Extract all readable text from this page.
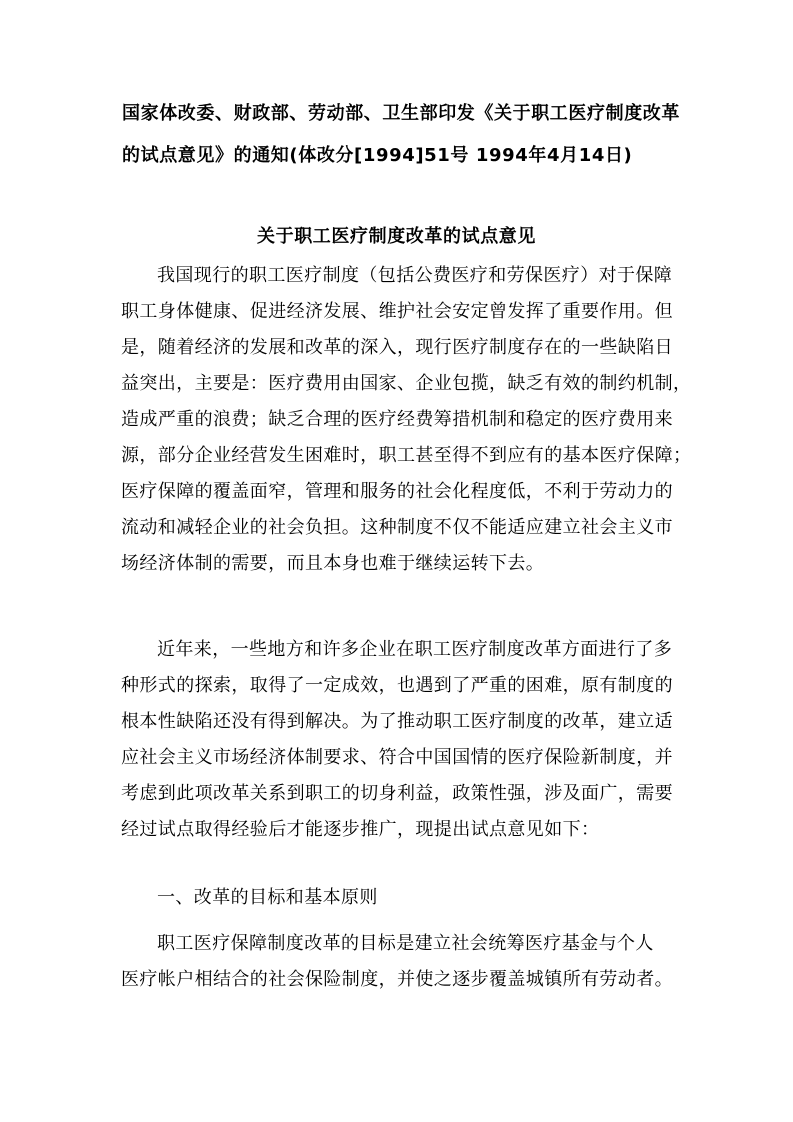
国家体改委、财政部、劳动部、卫生部印发《关于职工医疗制度改革
的试点意见》的通知(体改分[1994]51号 1994年4月14日)
关于职工医疗制度改革的试点意见
我国现行的职工医疗制度（包括公费医疗和劳保医疗）对于保障
职工身体健康、促进经济发展、维护社会安定曾发挥了重要作用。但
是，随着经济的发展和改革的深入，现行医疗制度存在的一些缺陷日
益突出，主要是：医疗费用由国家、企业包揽，缺乏有效的制约机制，
造成严重的浪费；缺乏合理的医疗经费筹措机制和稳定的医疗费用来
源，部分企业经营发生困难时，职工甚至得不到应有的基本医疗保障；
医疗保障的覆盖面窄，管理和服务的社会化程度低，不利于劳动力的
流动和减轻企业的社会负担。这种制度不仅不能适应建立社会主义市
场经济体制的需要，而且本身也难于继续运转下去。
近年来，一些地方和许多企业在职工医疗制度改革方面进行了多
种形式的探索，取得了一定成效，也遇到了严重的困难，原有制度的
根本性缺陷还没有得到解决。为了推动职工医疗制度的改革，建立适
应社会主义市场经济体制要求、符合中国国情的医疗保险新制度，并
考虑到此项改革关系到职工的切身利益，政策性强，涉及面广，需要
经过试点取得经验后才能逐步推广，现提出试点意见如下：
一、改革的目标和基本原则
职工医疗保障制度改革的目标是建立社会统筹医疗基金与个人
医疗帐户相结合的社会保险制度，并使之逐步覆盖城镇所有劳动者。
